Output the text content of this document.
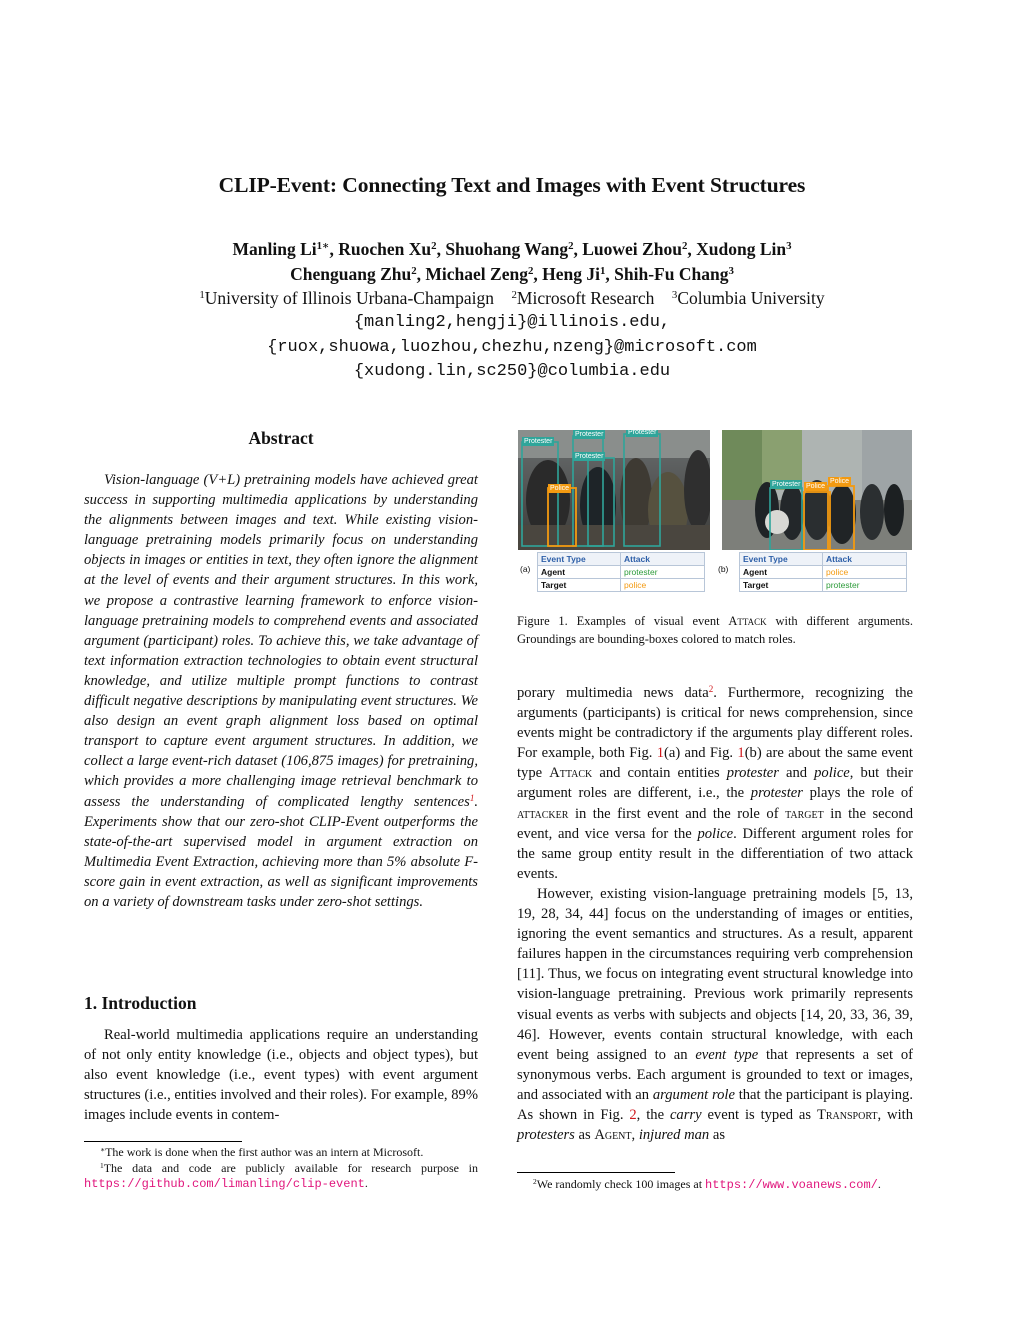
CLIP-Event: Connecting Text and Images with Event Structures
Manling $Li^{1∗}$, Ruochen Xu$^2$, Shuohang Wang$^2$, Luowei Zhou$^2$, Xudong Lin$^3$
Chenguang Zhu$^2$, Michael Zeng$^2$, Heng Ji$^1$, Shih-Fu Chang$^3$
$^1$University of Illinois Urbana-Champaign $^2$Microsoft Research $^3$Columbia University
{manling2,hengji}@illinois.edu,
{ruox,shuowa,luozhou,chezhu,nzeng}@microsoft.com
{xudong.lin,sc250}@columbia.edu
Abstract

Vision-language (V+L) pretraining models have achieved great success in supporting multimedia applications by understanding the alignments between images and text. While existing vision-language pretraining models primarily focus on understanding objects in images or entities in text, they often ignore the alignment at the level of events and their argument structures. In this work, we propose a contrastive learning framework to enforce vision-language pretraining models to comprehend events and associated argument (participant) roles. To achieve this, we take advantage of text information extraction technologies to obtain event structural knowledge, and utilize multiple prompt functions to contrast difficult negative descriptions by manipulating event structures. We also design an event graph alignment loss based on optimal transport to capture event argument structures. In addition, we collect a large event-rich dataset (106,875 images) for pretraining, which provides a more challenging image retrieval benchmark to assess the understanding of complicated lengthy sentences$^1$. Experiments show that our zero-shot CLIP-Event outperforms the state-of-the-art supervised model in argument extraction on Multimedia Event Extraction, achieving more than 5% absolute F-score gain in event extraction, as well as significant improvements on a variety of downstream tasks under zero-shot settings.

1. Introduction

Real-world multimedia applications require an understanding of not only entity knowledge (i.e., objects and object types), but also event knowledge (i.e., event types) with event argument structures (i.e., entities involved and their roles). For example, 89% images include events in contem-

∗The work is done when the first author was an intern at Microsoft.
$^1$The data and code are publicly available for research purpose in https://github.com/limanling/clip-event.
Protester
Protester
Protester
Protester
Police
Protester Police
Police
(a)	(b)
Event Type	Attack
Agent	protester
Target	police
Event Type	Attack
Agent	police
Target	protester
Figure 1. Examples of visual event Attack with different arguments. Groundings are bounding-boxes colored to match roles.

porary multimedia news data$^2$. Furthermore, recognizing the arguments (participants) is critical for news comprehension, since events might be contradictory if the arguments play different roles. For example, both Fig. 1(a) and Fig. 1(b) are about the same event type Attack and contain entities protester and police, but their argument roles are different, i.e., the protester plays the role of attacker in the first event and the role of target in the second event, and vice versa for the police. Different argument roles for the same group entity result in the differentiation of two attack events.

However, existing vision-language pretraining models [5, 13, 19, 28, 34, 44] focus on the understanding of images or entities, ignoring the event semantics and structures. As a result, apparent failures happen in the circumstances requiring verb comprehension [11]. Thus, we focus on integrating event structural knowledge into vision-language pretraining. Previous work primarily represents visual events as verbs with subjects and objects [14, 20, 33, 36, 39, 46]. However, events contain structural knowledge, with each event being assigned to an event type that represents a set of synonymous verbs. Each argument is grounded to text or images, and associated with an argument role that the participant is playing. As shown in Fig. 2, the carry event is typed as Transport, with protesters as Agent, injured man as

$^2$We randomly check 100 images at https://www.voanews.com/.
